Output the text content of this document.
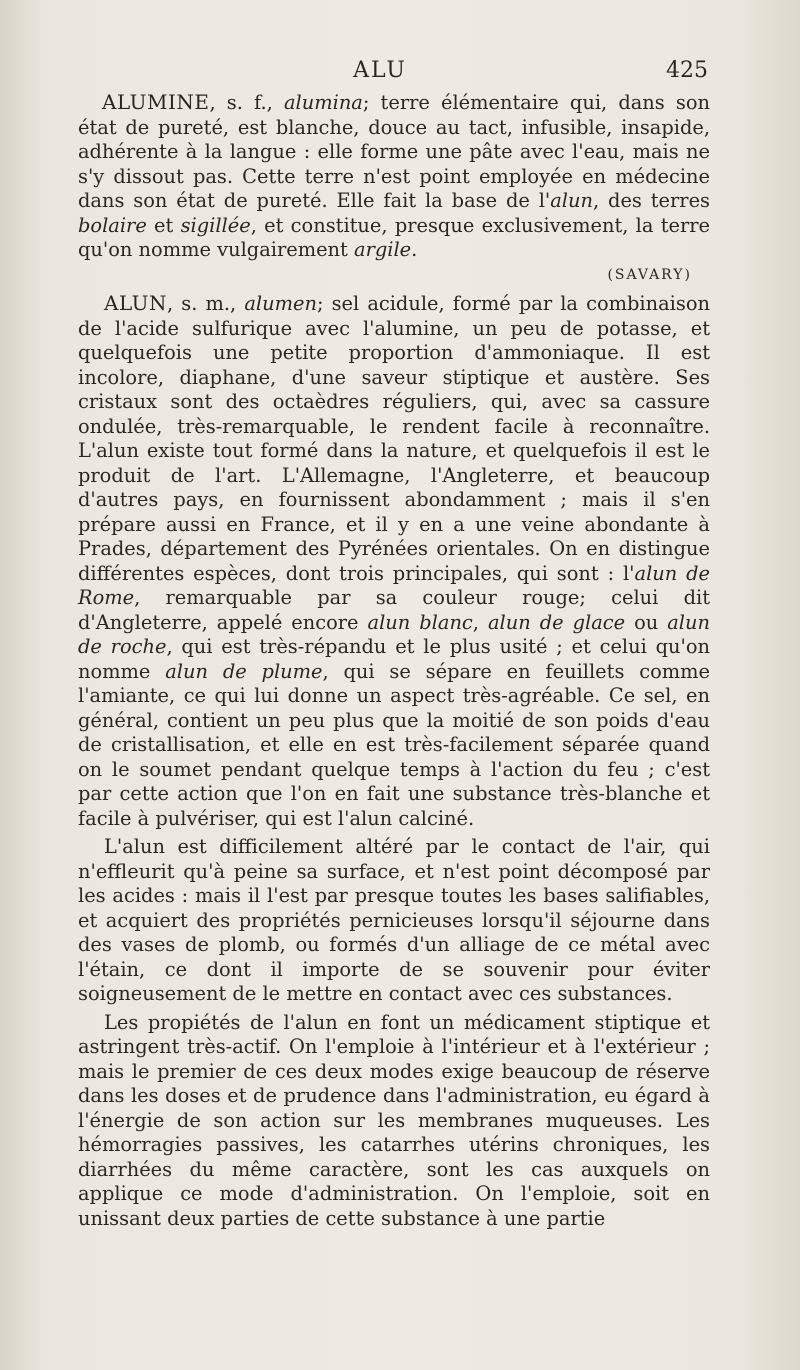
ALU	425

ALUMINE, s. f., alumina; terre élémentaire qui, dans son état de pureté, est blanche, douce au tact, infusible, insapide, adhérente à la langue : elle forme une pâte avec l'eau, mais ne s'y dissout pas. Cette terre n'est point employée en médecine dans son état de pureté. Elle fait la base de l'alun, des terres bolaire et sigillée, et constitue, presque exclusivement, la terre qu'on nomme vulgairement argile.

(SAVARY)

ALUN, s. m., alumen; sel acidule, formé par la combinaison de l'acide sulfurique avec l'alumine, un peu de potasse, et quelquefois une petite proportion d'ammoniaque. Il est incolore, diaphane, d'une saveur stiptique et austère. Ses cristaux sont des octaèdres réguliers, qui, avec sa cassure ondulée, très-remarquable, le rendent facile à reconnaître. L'alun existe tout formé dans la nature, et quelquefois il est le produit de l'art. L'Allemagne, l'Angleterre, et beaucoup d'autres pays, en fournissent abondamment ; mais il s'en prépare aussi en France, et il y en a une veine abondante à Prades, département des Pyrénées orientales. On en distingue différentes espèces, dont trois principales, qui sont : l'alun de Rome, remarquable par sa couleur rouge; celui dit d'Angleterre, appelé encore alun blanc, alun de glace ou alun de roche, qui est très-répandu et le plus usité ; et celui qu'on nomme alun de plume, qui se sépare en feuillets comme l'amiante, ce qui lui donne un aspect très-agréable. Ce sel, en général, contient un peu plus que la moitié de son poids d'eau de cristallisation, et elle en est très-facilement séparée quand on le soumet pendant quelque temps à l'action du feu ; c'est par cette action que l'on en fait une substance très-blanche et facile à pulvériser, qui est l'alun calciné.

L'alun est difficilement altéré par le contact de l'air, qui n'effleurit qu'à peine sa surface, et n'est point décomposé par les acides : mais il l'est par presque toutes les bases salifiables, et acquiert des propriétés pernicieuses lorsqu'il séjourne dans des vases de plomb, ou formés d'un alliage de ce métal avec l'étain, ce dont il importe de se souvenir pour éviter soigneusement de le mettre en contact avec ces substances.

Les propiétés de l'alun en font un médicament stiptique et astringent très-actif. On l'emploie à l'intérieur et à l'extérieur ; mais le premier de ces deux modes exige beaucoup de réserve dans les doses et de prudence dans l'administration, eu égard à l'énergie de son action sur les membranes muqueuses. Les hémorragies passives, les catarrhes utérins chroniques, les diarrhées du même caractère, sont les cas auxquels on applique ce mode d'administration. On l'emploie, soit en unissant deux parties de cette substance à une partie
